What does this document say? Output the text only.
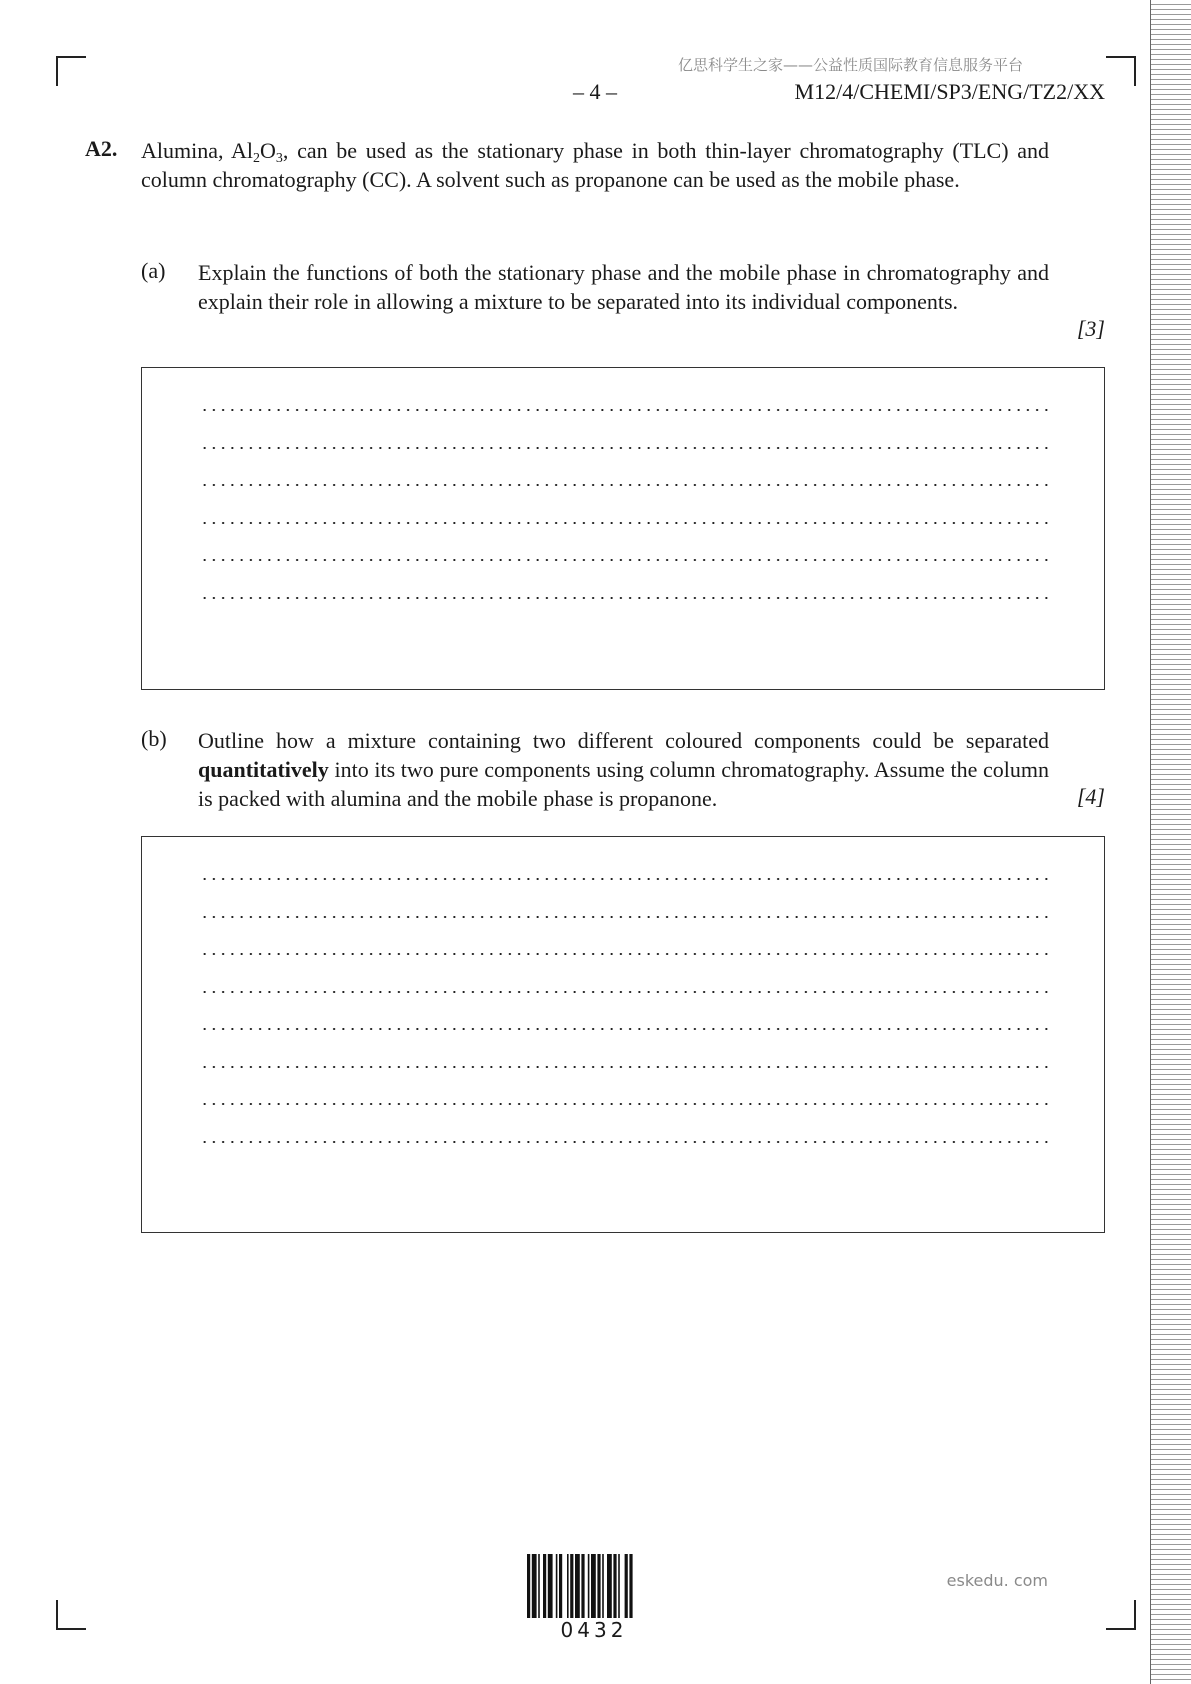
亿思科学生之家——公益性质国际教育信息服务平台
– 4 –	M12/4/CHEMI/SP3/ENG/TZ2/XX
A2. Alumina, $Al_2O_3$, can be used as the stationary phase in both thin-layer chromatography (TLC) and column chromatography (CC). A solvent such as propanone can be used as the mobile phase.
(a) Explain the functions of both the stationary phase and the mobile phase in chromatography and explain their role in allowing a mixture to be separated into its individual components.
[3]
(b) Outline how a mixture containing two different coloured components could be separated quantitatively into its two pure components using column chromatography. Assume the column is packed with alumina and the mobile phase is propanone.	[4]
0432
eskedu. com
